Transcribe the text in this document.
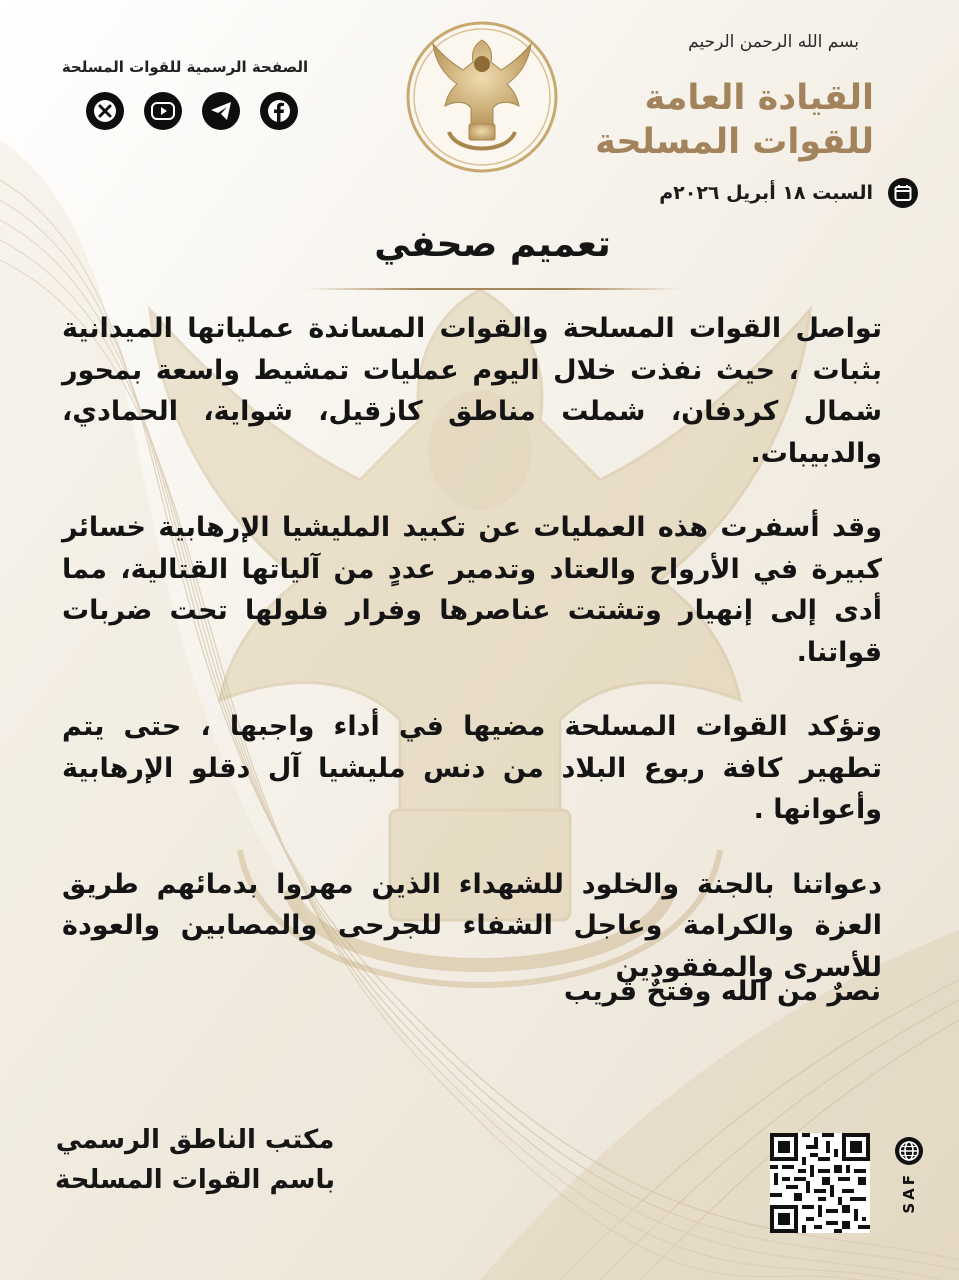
بسم الله الرحمن الرحيم
القيادة العامة
للقوات المسلحة
السبت ١٨ أبريل ٢٠٢٦م
الصفحة الرسمية للقوات المسلحة
تعميم صحفي

تواصل القوات المسلحة والقوات المساندة عملياتها الميدانية بثبات ، حيث نفذت خلال اليوم عمليات تمشيط واسعة بمحور شمال كردفان، شملت مناطق كازقيل، شواية، الحمادي، والدبيبات.

وقد أسفرت هذه العمليات عن تكبيد المليشيا الإرهابية خسائر كبيرة في الأرواح والعتاد وتدمير عددٍ من آلياتها القتالية، مما أدى إلى إنهيار وتشتت عناصرها وفرار فلولها تحت ضربات قواتنا.

وتؤكد القوات المسلحة مضيها في أداء واجبها ، حتى يتم تطهير كافة ربوع البلاد من دنس مليشيا آل دقلو الإرهابية وأعوانها .

دعواتنا بالجنة والخلود للشهداء الذين مهروا بدمائهم طريق العزة والكرامة وعاجل الشفاء للجرحى والمصابين والعودة للأسرى والمفقودين

نصرٌ من الله وفتحٌ قريب
مكتب الناطق الرسمي
باسم القوات المسلحة	SAF
